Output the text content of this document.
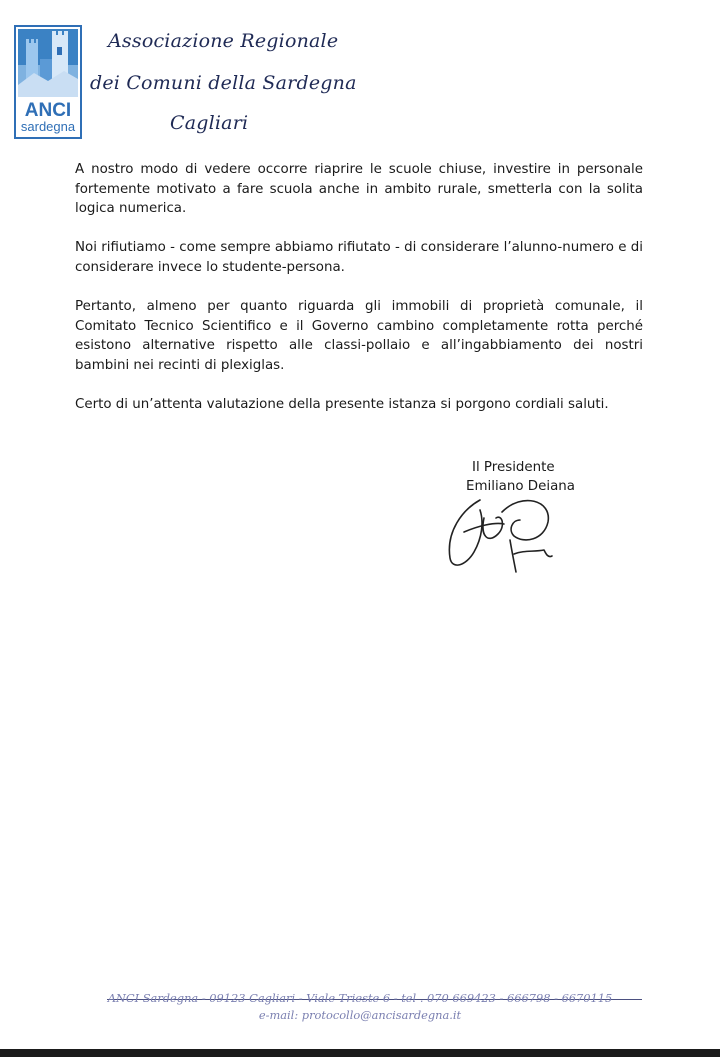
ANCI
sardegna
Associazione Regionale
dei Comuni della Sardegna
Cagliari

A nostro modo di vedere occorre riaprire le scuole chiuse, investire in personale fortemente motivato a fare scuola anche in ambito rurale, smetterla con la solita logica numerica.

Noi rifiutiamo - come sempre abbiamo rifiutato - di considerare l’alunno-numero e di considerare invece lo studente-persona.

Pertanto, almeno per quanto riguarda gli immobili di proprietà comunale, il Comitato Tecnico Scientifico e il Governo cambino completamente rotta perché esistono alternative rispetto alle classi-pollaio e all’ingabbiamento dei nostri bambini nei recinti di plexiglas.

Certo di un’attenta valutazione della presente istanza si porgono cordiali saluti.

Il Presidente
Emiliano Deiana
ANCI Sardegna - 09123 Cagliari - Viale Trieste 6 - tel . 070 669423 - 666798 - 6670115
e-mail: protocollo@ancisardegna.it
